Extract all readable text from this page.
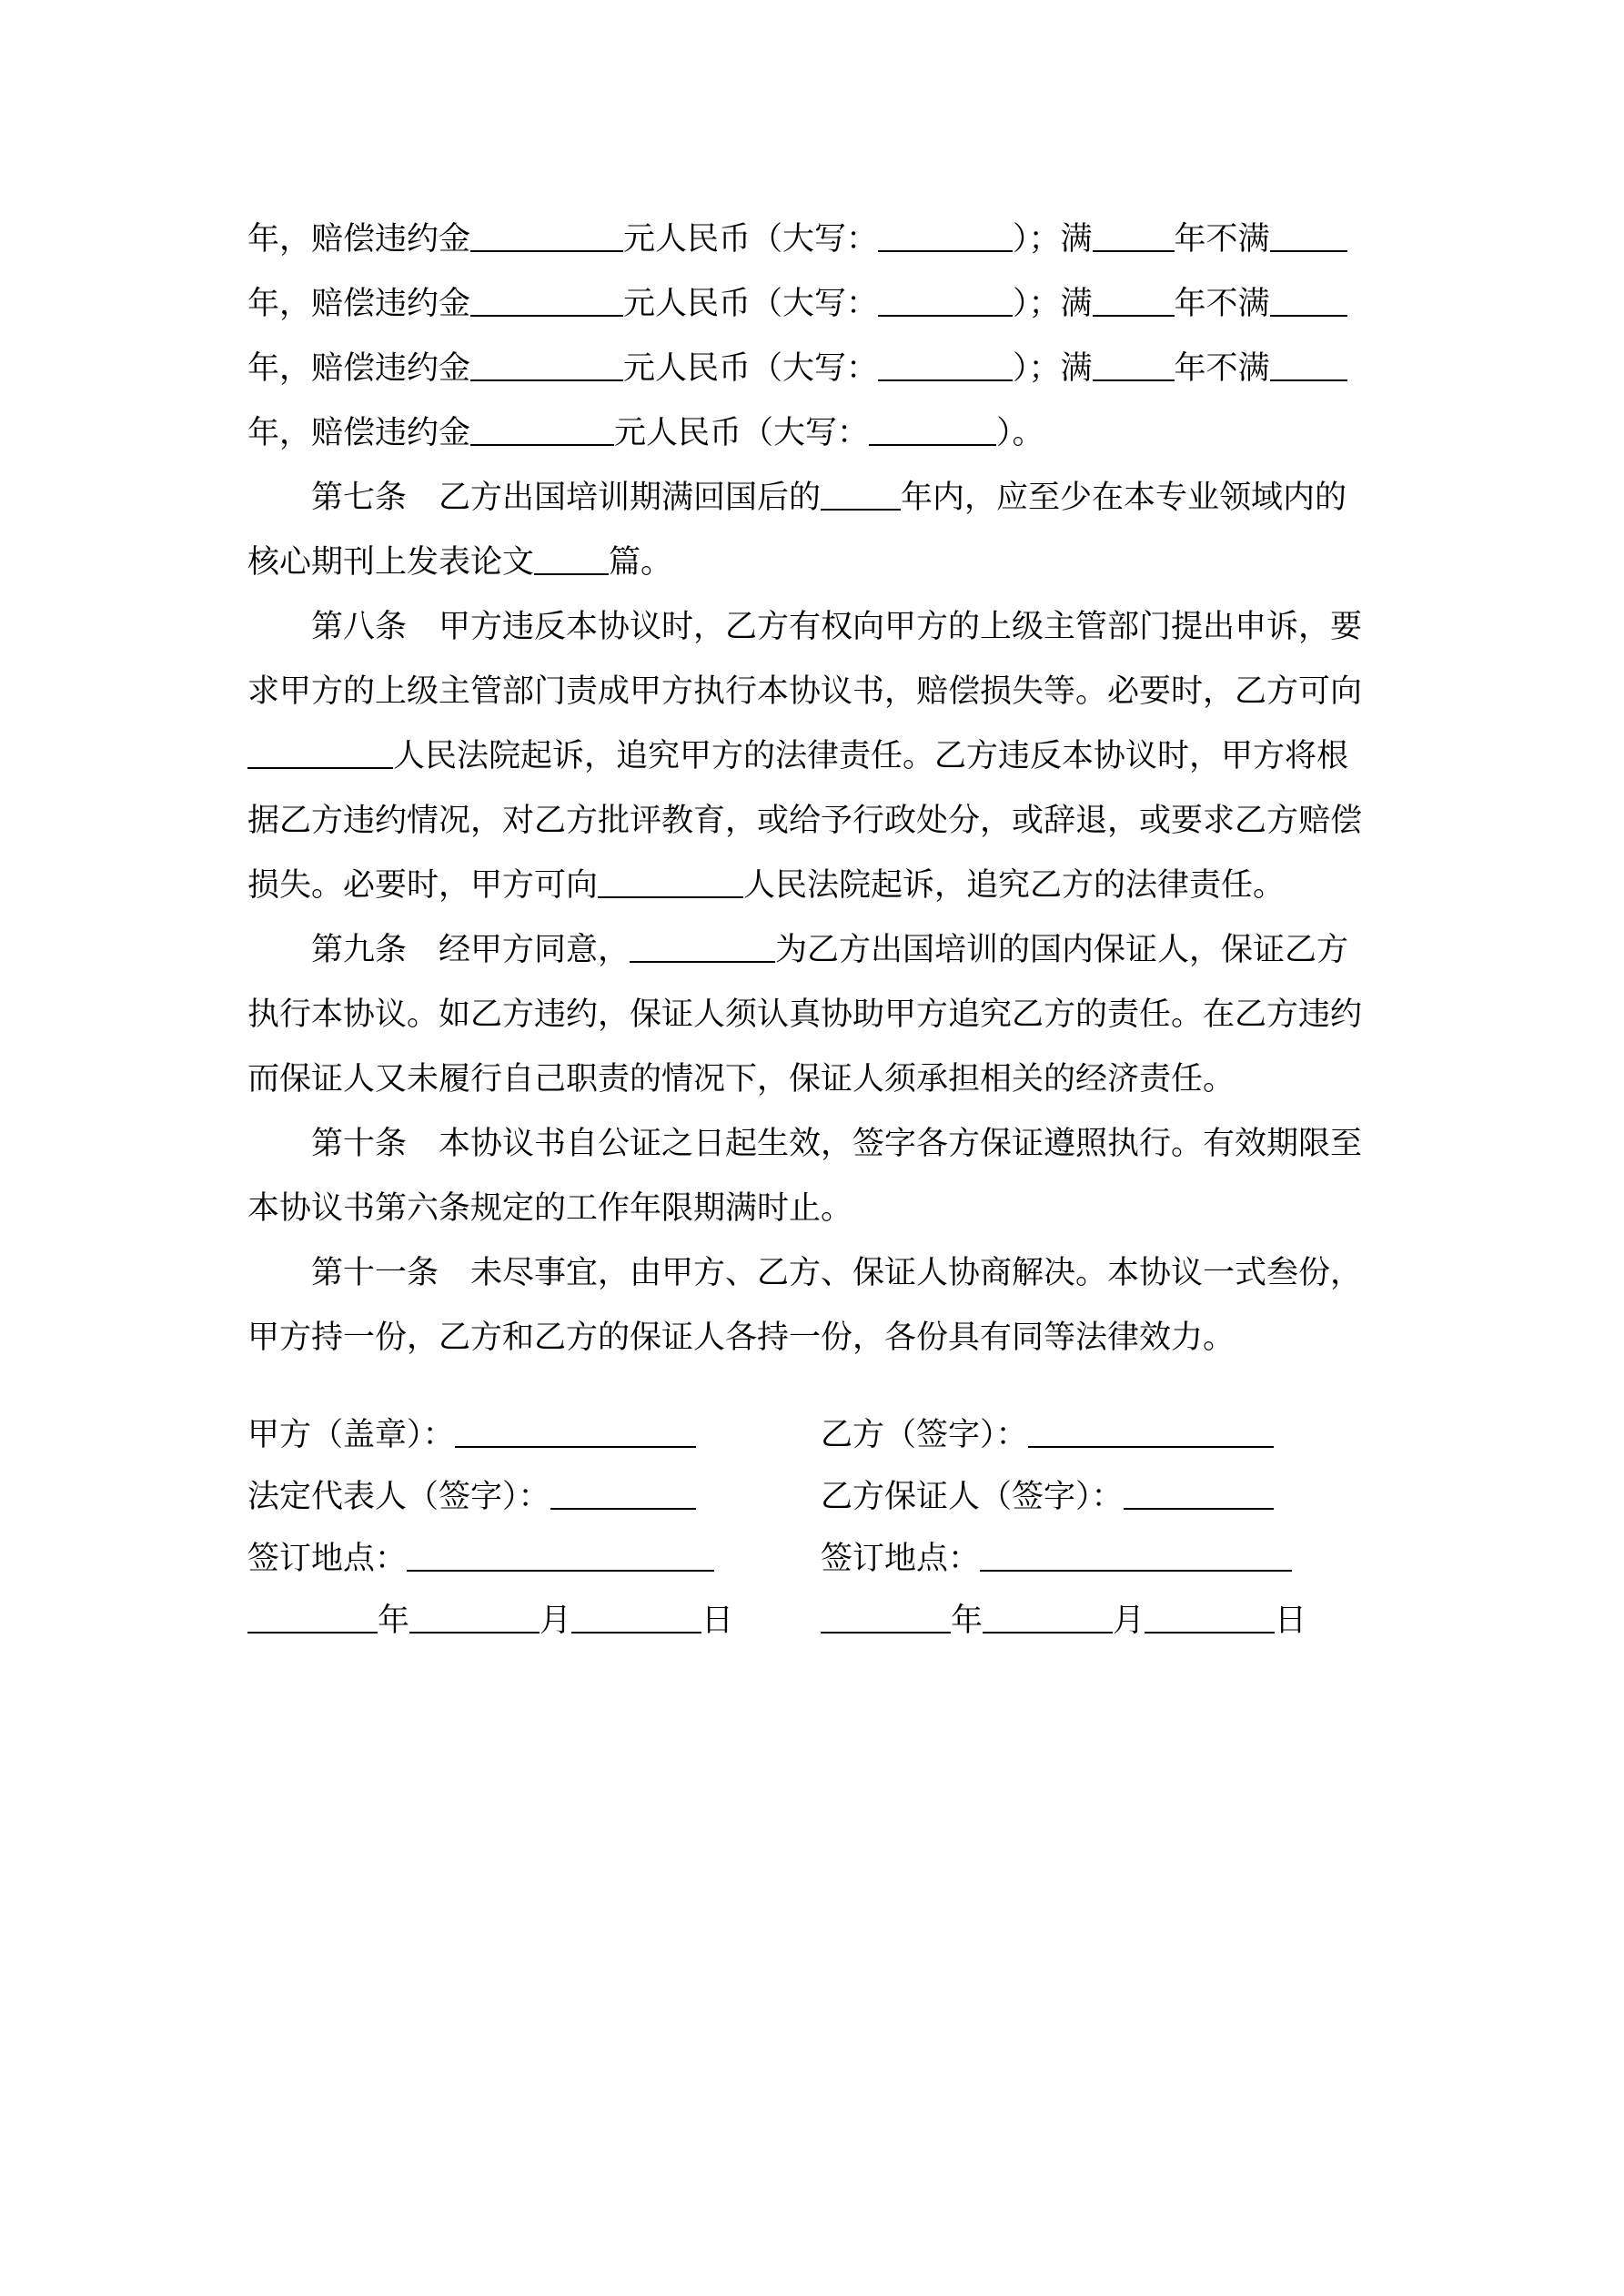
年，赔偿违约金	元人民币（大写：	）；满	年不满
年，赔偿违约金	元人民币（大写：	）；满	年不满
年，赔偿违约金	元人民币（大写：	）；满	年不满
年，赔偿违约金	元人民币（大写：	）。
　　第七条　乙方出国培训期满回国后的	年内，应至少在本专业领域内的
核心期刊上发表论文 篇。
　　第八条　甲方违反本协议时，乙方有权向甲方的上级主管部门提出申诉，要
求甲方的上级主管部门责成甲方执行本协议书，赔偿损失等。必要时，乙方可向
人民法院起诉，追究甲方的法律责任。乙方违反本协议时，甲方将根
据乙方违约情况，对乙方批评教育，或给予行政处分，或辞退，或要求乙方赔偿
损失。必要时，甲方可向	人民法院起诉，追究乙方的法律责任。
　　第九条　经甲方同意，	为乙方出国培训的国内保证人，保证乙方
执行本协议。如乙方违约，保证人须认真协助甲方追究乙方的责任。在乙方违约
而保证人又未履行自己职责的情况下，保证人须承担相关的经济责任。
　　第十条　本协议书自公证之日起生效，签字各方保证遵照执行。有效期限至
本协议书第六条规定的工作年限期满时止。
　　第十一条　未尽事宜，由甲方、乙方、保证人协商解决。本协议一式叁份，
甲方持一份，乙方和乙方的保证人各持一份，各份具有同等法律效力。
甲方（盖章）：	乙方（签字）：
法定代表人（签字）：	乙方保证人（签字）：
签订地点：	签订地点：
年	月	日	年	月	日
